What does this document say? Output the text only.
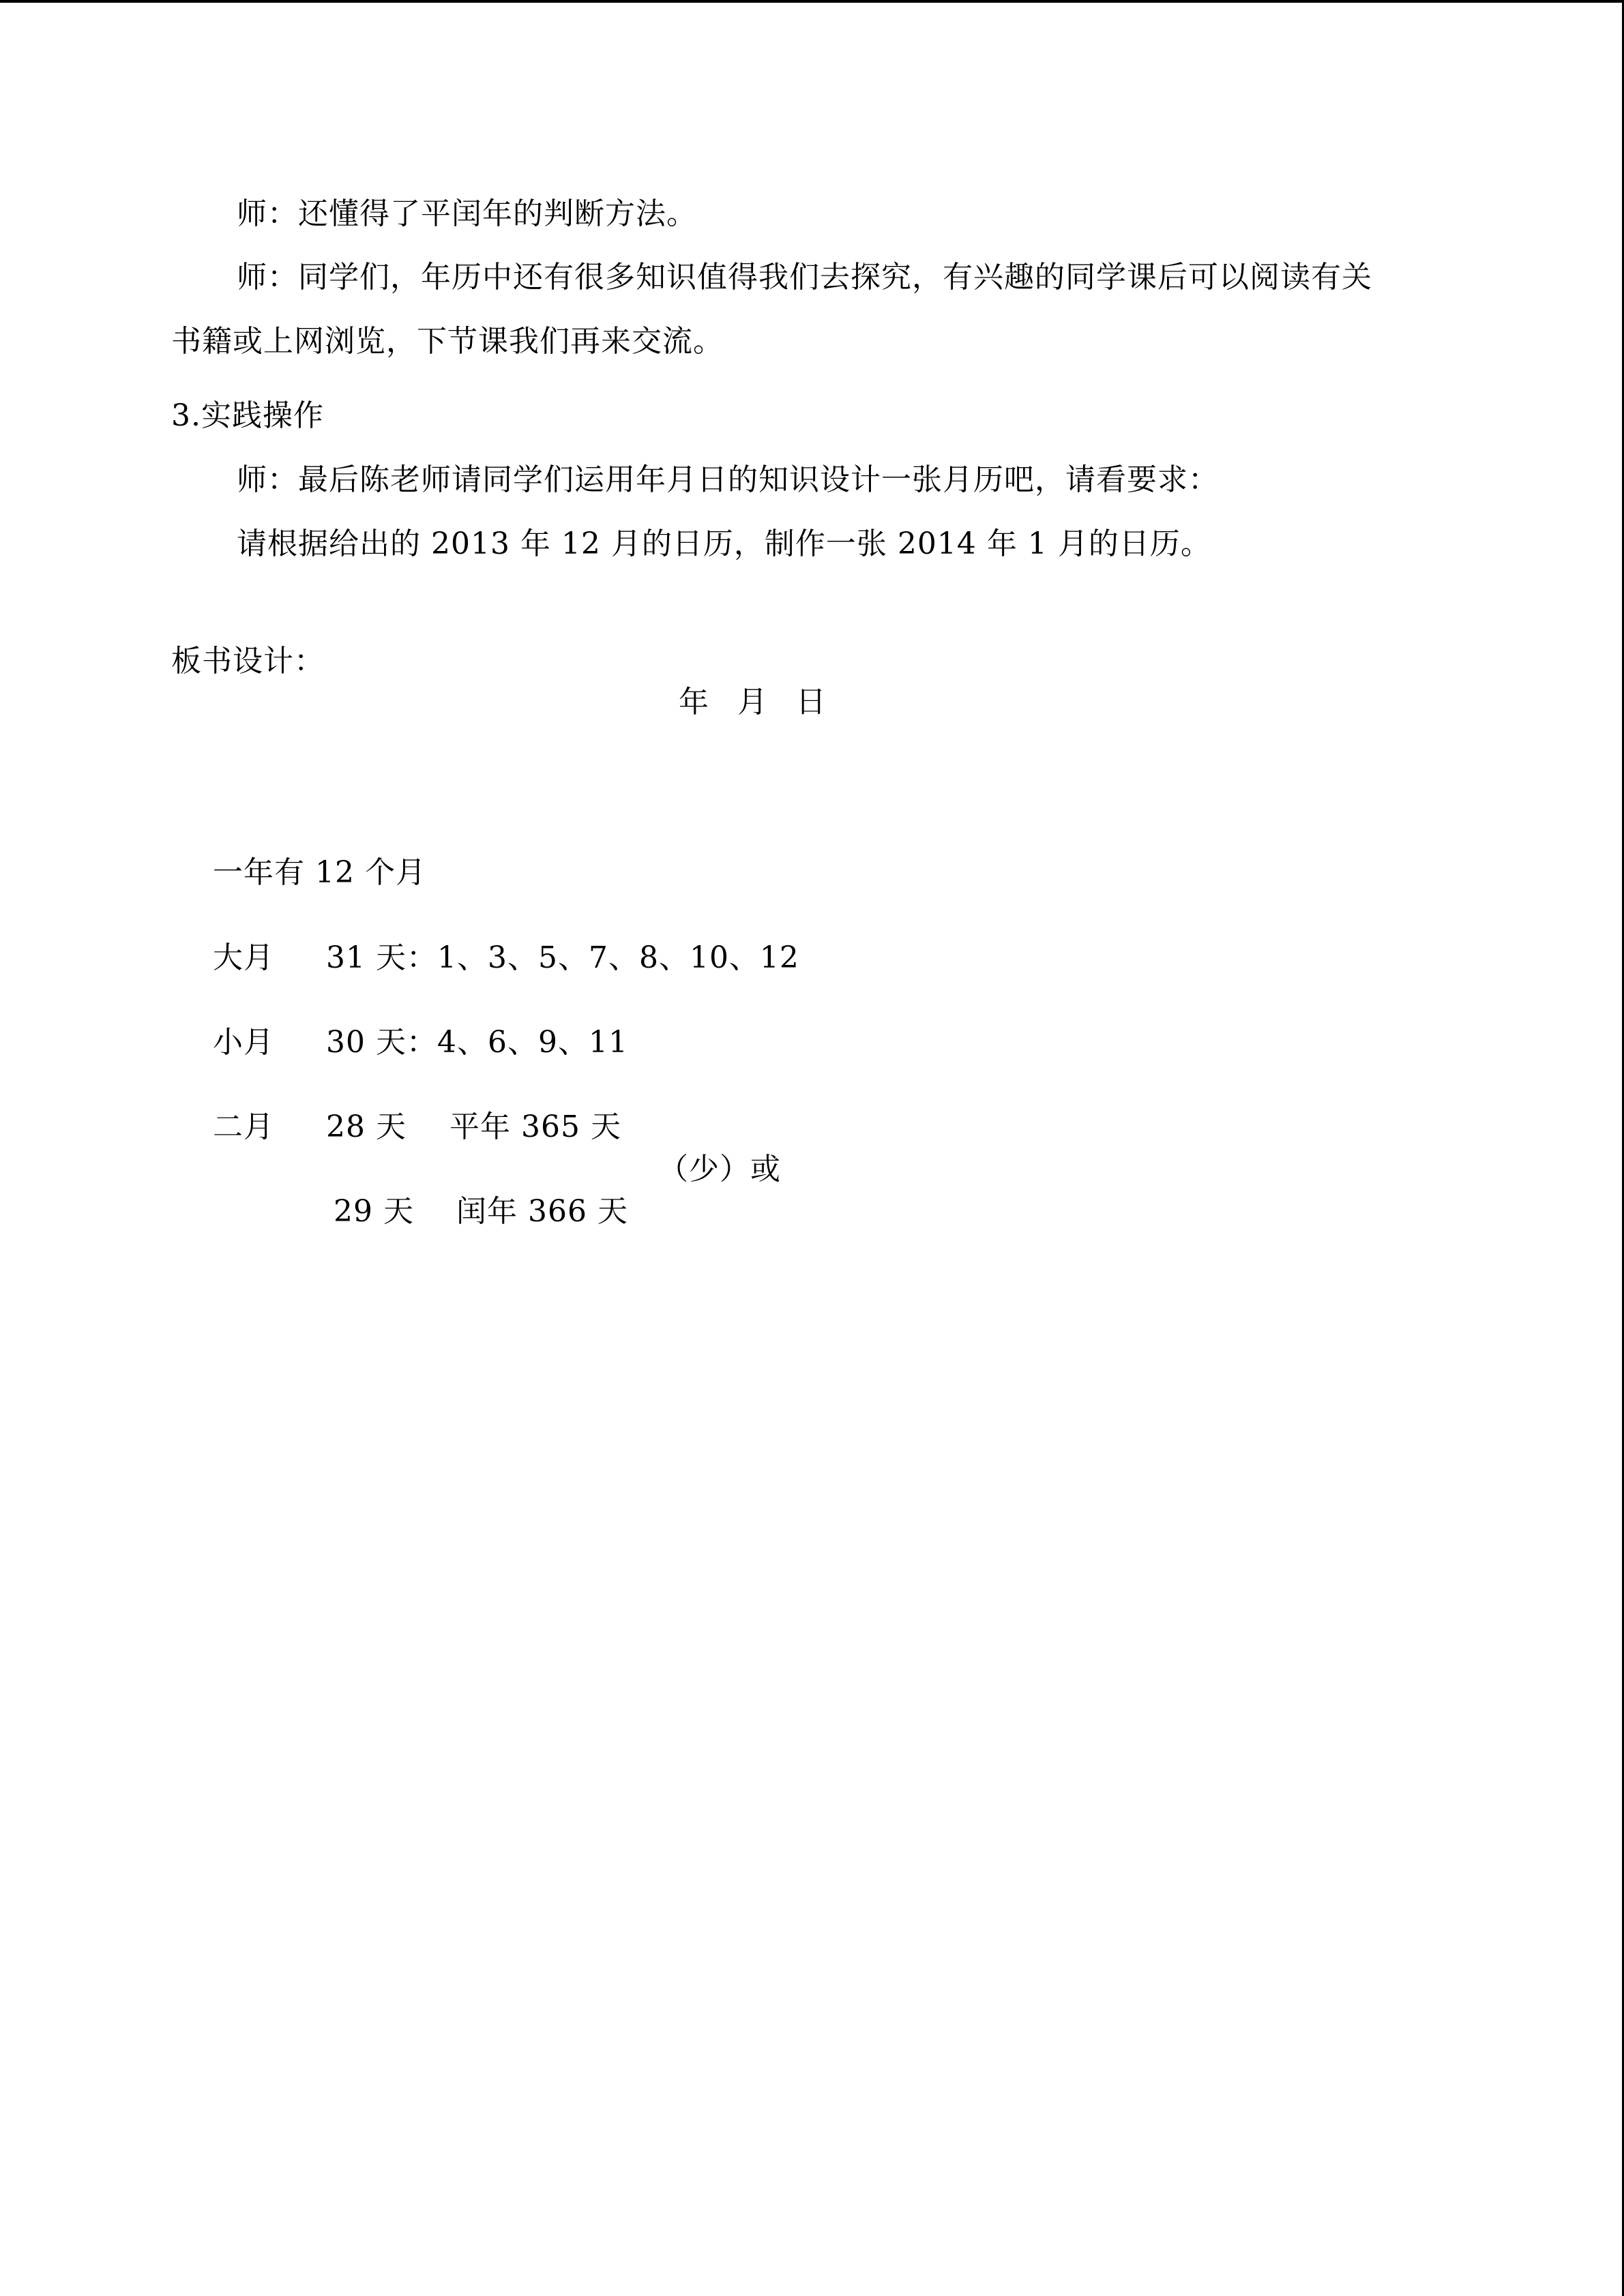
师：还懂得了平闰年的判断方法。
师：同学们，年历中还有很多知识值得我们去探究，有兴趣的同学课后可以阅读有关
书籍或上网浏览，下节课我们再来交流。
3.实践操作
师：最后陈老师请同学们运用年月日的知识设计一张月历吧，请看要求：
请根据给出的 2013 年 12 月的日历，制作一张 2014 年 1 月的日历。
板书设计：
年   月   日
一年有 12 个月
大月 31 天：1、3、5、7、8、10、12
小月 30 天：4、6、9、11
二月 28 天 平年 365 天
（少）或
29 天 闰年 366 天
